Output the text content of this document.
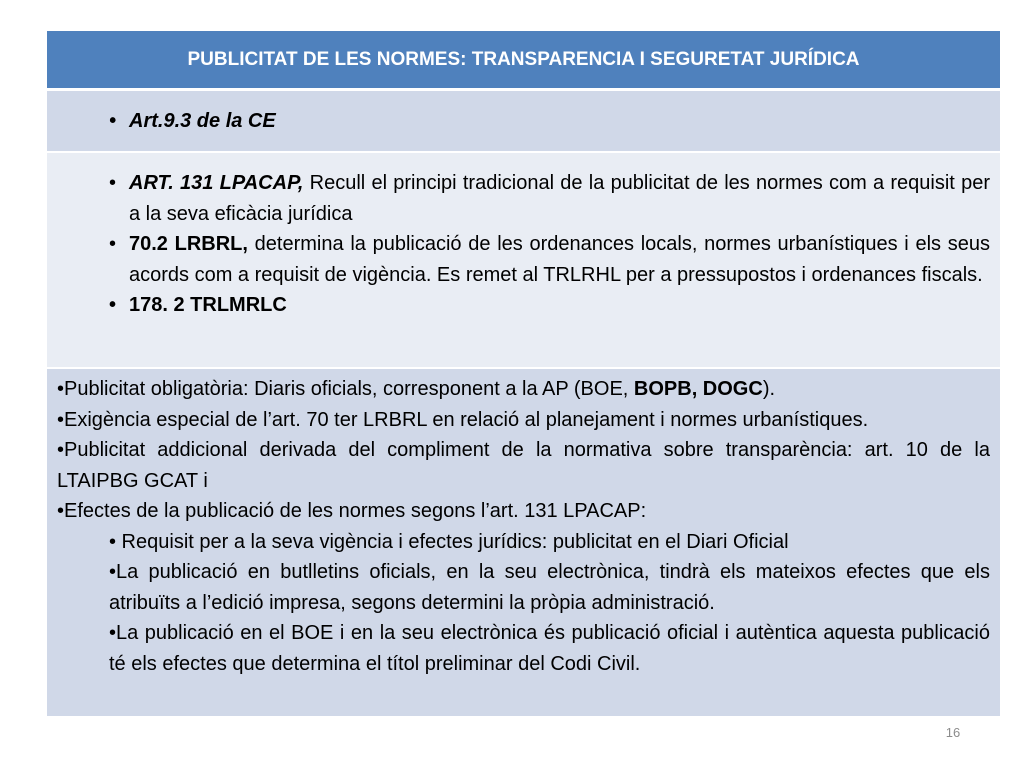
PUBLICITAT DE LES NORMES: TRANSPARENCIA I SEGURETAT JURÍDICA

• Art.9.3 de la CE

• ART. 131 LPACAP, Recull el principi tradicional de la publicitat de les normes com a requisit per a la seva eficàcia jurídica
• 70.2 LRBRL, determina la publicació de les ordenances locals, normes urbanístiques i els seus acords com a requisit de vigència. Es remet al TRLRHL per a pressupostos i ordenances fiscals.
• 178. 2 TRLMRLC

•Publicitat obligatòria: Diaris oficials, corresponent a la AP (BOE, BOPB, DOGC).
•Exigència especial de l’art. 70 ter LRBRL en relació al planejament i normes urbanístiques.
•Publicitat addicional derivada del compliment de la normativa sobre transparència: art. 10 de la LTAIPBG GCAT i
•Efectes de la publicació de les normes segons l’art. 131 LPACAP:
• Requisit per a la seva vigència i efectes jurídics: publicitat en el Diari Oficial
•La publicació en butlletins oficials, en la seu electrònica, tindrà els mateixos efectes que els atribuïts a l’edició impresa, segons determini la pròpia administració.
•La publicació en el BOE i en la seu electrònica és publicació oficial i autèntica aquesta publicació té els efectes que determina el títol preliminar del Codi Civil.
16
